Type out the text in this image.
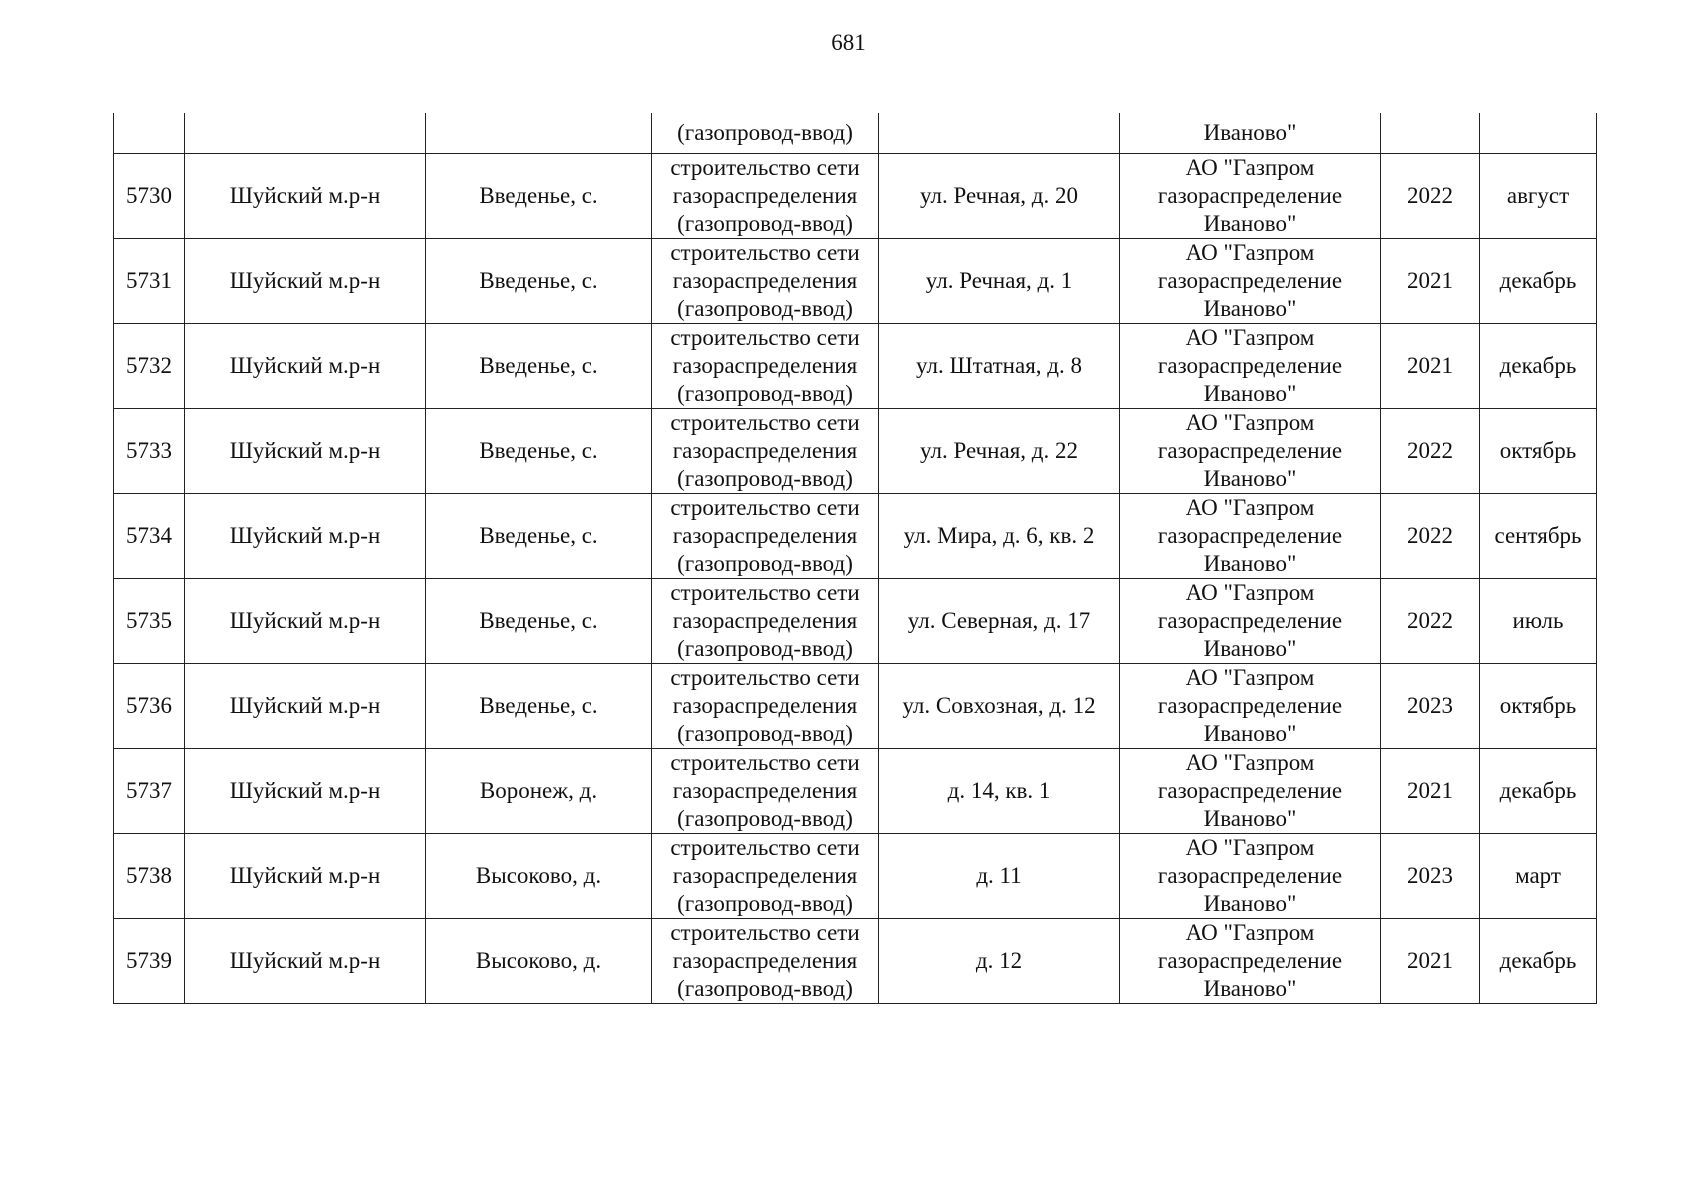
681
			(газопровод-ввод)		Иваново"		
5730	Шуйский м.р-н	Введенье, с.	строительство сети
газораспределения
(газопровод-ввод)	ул. Речная, д. 20	АО "Газпром
газораспределение
Иваново"	2022	август
5731	Шуйский м.р-н	Введенье, с.	строительство сети
газораспределения
(газопровод-ввод)	ул. Речная, д. 1	АО "Газпром
газораспределение
Иваново"	2021	декабрь
5732	Шуйский м.р-н	Введенье, с.	строительство сети
газораспределения
(газопровод-ввод)	ул. Штатная, д. 8	АО "Газпром
газораспределение
Иваново"	2021	декабрь
5733	Шуйский м.р-н	Введенье, с.	строительство сети
газораспределения
(газопровод-ввод)	ул. Речная, д. 22	АО "Газпром
газораспределение
Иваново"	2022	октябрь
5734	Шуйский м.р-н	Введенье, с.	строительство сети
газораспределения
(газопровод-ввод)	ул. Мира, д. 6, кв. 2	АО "Газпром
газораспределение
Иваново"	2022	сентябрь
5735	Шуйский м.р-н	Введенье, с.	строительство сети
газораспределения
(газопровод-ввод)	ул. Северная, д. 17	АО "Газпром
газораспределение
Иваново"	2022	июль
5736	Шуйский м.р-н	Введенье, с.	строительство сети
газораспределения
(газопровод-ввод)	ул. Совхозная, д. 12	АО "Газпром
газораспределение
Иваново"	2023	октябрь
5737	Шуйский м.р-н	Воронеж, д.	строительство сети
газораспределения
(газопровод-ввод)	д. 14, кв. 1	АО "Газпром
газораспределение
Иваново"	2021	декабрь
5738	Шуйский м.р-н	Высоково, д.	строительство сети
газораспределения
(газопровод-ввод)	д. 11	АО "Газпром
газораспределение
Иваново"	2023	март
5739	Шуйский м.р-н	Высоково, д.	строительство сети
газораспределения
(газопровод-ввод)	д. 12	АО "Газпром
газораспределение
Иваново"	2021	декабрь
